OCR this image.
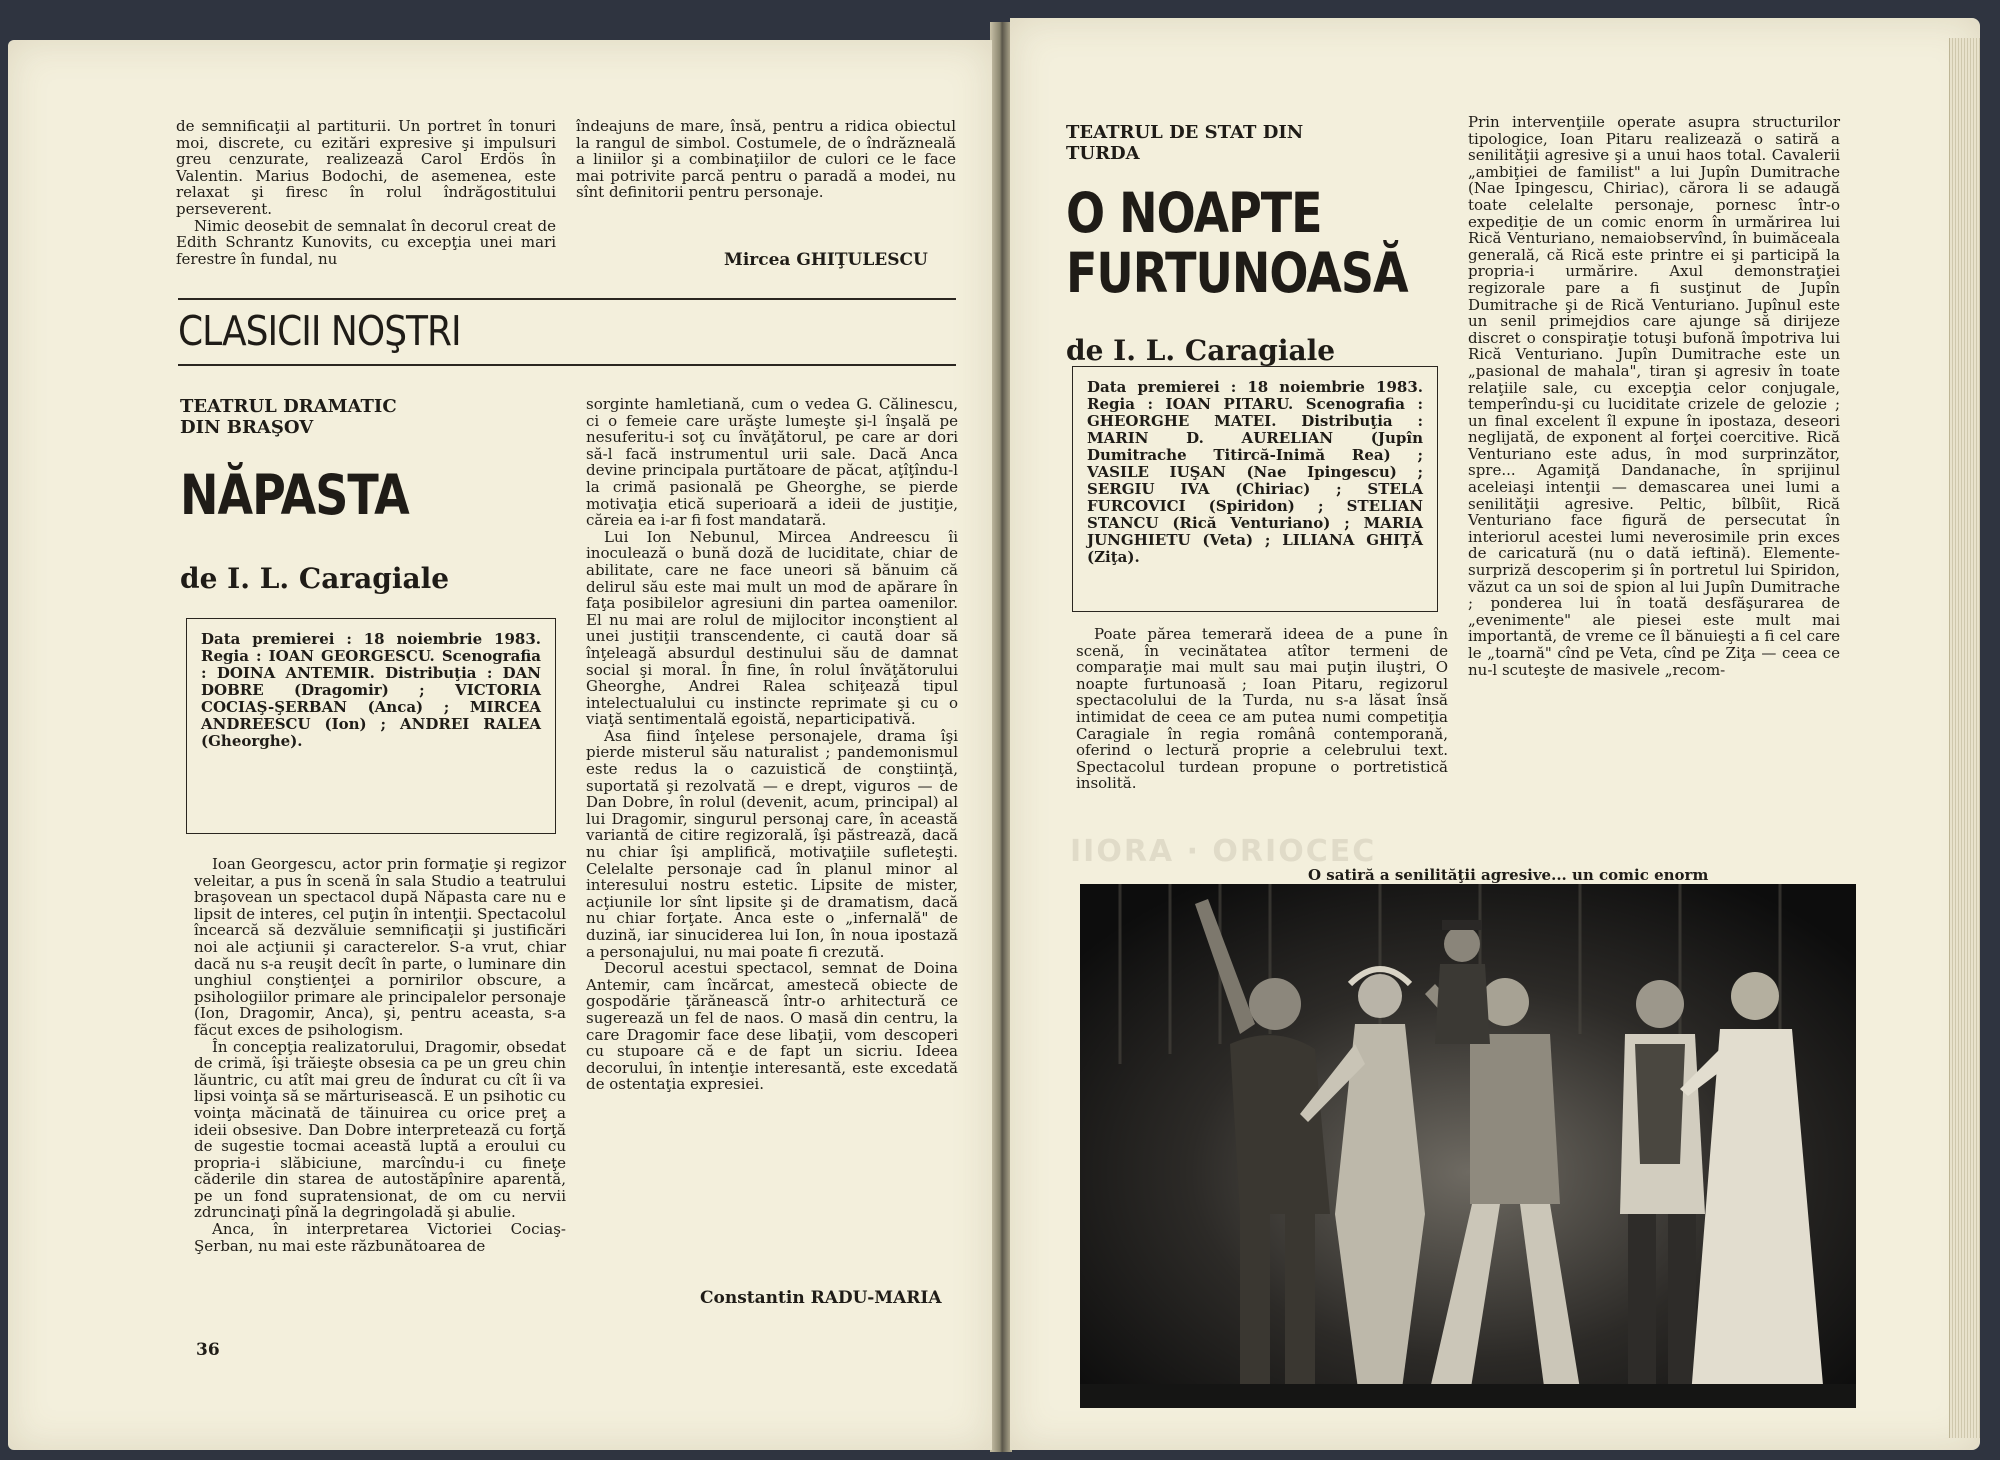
de semnificaţii al partiturii. Un portret în tonuri moi, discrete, cu ezitări expresive şi impulsuri greu cenzurate, realizează Carol Erdös în Valentin. Marius Bodochi, de asemenea, este relaxat şi firesc în rolul îndrăgostitului perseverent.

Nimic deosebit de semnalat în decorul creat de Edith Schrantz Kunovits, cu excepţia unei mari ferestre în fundal, nu

îndeajuns de mare, însă, pentru a ridica obiectul la rangul de simbol. Costumele, de o îndrăzneală a liniilor şi a combinaţiilor de culori ce le face mai potrivite parcă pentru o paradă a modei, nu sînt definitorii pentru personaje.

Mircea GHIŢULESCU
CLASICII NOŞTRI
TEATRUL DRAMATIC DIN BRAŞOV
NĂPASTA
de I. L. Caragiale
Data premierei : 18 noiembrie 1983. Regia : IOAN GEORGESCU. Scenografia : DOINA ANTEMIR. Distribuţia : DAN DOBRE (Dragomir) ; VICTORIA COCIAŞ-ŞERBAN (Anca) ; MIRCEA ANDREESCU (Ion) ; ANDREI RALEA (Gheorghe).

Ioan Georgescu, actor prin formaţie şi regizor veleitar, a pus în scenă în sala Studio a teatrului braşovean un spectacol după Năpasta care nu e lipsit de interes, cel puţin în intenţii. Spectacolul încearcă să dezvăluie semnificaţii şi justificări noi ale acţiunii şi caracterelor. S-a vrut, chiar dacă nu s-a reuşit decît în parte, o luminare din unghiul conştienţei a pornirilor obscure, a psihologiilor primare ale principalelor personaje (Ion, Dragomir, Anca), şi, pentru aceasta, s-a făcut exces de psihologism.

În concepţia realizatorului, Dragomir, obsedat de crimă, îşi trăieşte obsesia ca pe un greu chin lăuntric, cu atît mai greu de îndurat cu cît îi va lipsi voinţa să se mărturisească. E un psihotic cu voinţa măcinată de tăinuirea cu orice preţ a ideii obsesive. Dan Dobre interpretează cu forţă de sugestie tocmai această luptă a eroului cu propria-i slăbiciune, marcîndu-i cu fineţe căderile din starea de autostăpînire aparentă, pe un fond supratensionat, de om cu nervii zdruncinaţi pînă la degringoladă şi abulie.

Anca, în interpretarea Victoriei Cociaş-Şerban, nu mai este răzbunătoarea de

sorginte hamletiană, cum o vedea G. Călinescu, ci o femeie care urăşte lumeşte şi-l înşală pe nesuferitu-i soţ cu învăţătorul, pe care ar dori să-l facă instrumentul urii sale. Dacă Anca devine principala purtătoare de păcat, aţîţîndu-l la crimă pasională pe Gheorghe, se pierde motivaţia etică superioară a ideii de justiţie, căreia ea i-ar fi fost mandatară.

Lui Ion Nebunul, Mircea Andreescu îi inoculează o bună doză de luciditate, chiar de abilitate, care ne face uneori să bănuim că delirul său este mai mult un mod de apărare în faţa posibilelor agresiuni din partea oamenilor. El nu mai are rolul de mijlocitor inconştient al unei justiţii transcendente, ci caută doar să înţeleagă absurdul destinului său de damnat social şi moral. În fine, în rolul învăţătorului Gheorghe, Andrei Ralea schiţează tipul intelectualului cu instincte reprimate şi cu o viaţă sentimentală egoistă, neparticipativă.

Asa fiind înţelese personajele, drama îşi pierde misterul său naturalist ; pandemonismul este redus la o cazuistică de conştiinţă, suportată şi rezolvată — e drept, viguros — de Dan Dobre, în rolul (devenit, acum, principal) al lui Dragomir, singurul personaj care, în această variantă de citire regizorală, îşi păstrează, dacă nu chiar îşi amplifică, motivaţiile sufleteşti. Celelalte personaje cad în planul minor al interesului nostru estetic. Lipsite de mister, acţiunile lor sînt lipsite şi de dramatism, dacă nu chiar forţate. Anca este o „infernală" de duzină, iar sinuciderea lui Ion, în noua ipostază a personajului, nu mai poate fi crezută.

Decorul acestui spectacol, semnat de Doina Antemir, cam încărcat, amestecă obiecte de gospodărie ţărănească într-o arhitectură ce sugerează un fel de naos. O masă din centru, la care Dragomir face dese libaţii, vom descoperi cu stupoare că e de fapt un sicriu. Ideea decorului, în intenţie interesantă, este excedată de ostentaţia expresiei.

Constantin RADU-MARIA
36
TEATRUL DE STAT DIN TURDA
O NOAPTE
FURTUNOASĂ
de I. L. Caragiale
Data premierei : 18 noiembrie 1983. Regia : IOAN PITARU. Scenografia : GHEORGHE MATEI. Distribuţia : MARIN D. AURELIAN (Jupîn Dumitrache Titircă-Inimă Rea) ; VASILE IUŞAN (Nae Ipingescu) ; SERGIU IVA (Chiriac) ; STELA FURCOVICI (Spiridon) ; STELIAN STANCU (Rică Venturiano) ; MARIA JUNGHIETU (Veta) ; LILIANA GHIŢĂ (Ziţa).

Poate părea temerară ideea de a pune în scenă, în vecinătatea atîtor termeni de comparaţie mai mult sau mai puţin iluştri, O noapte furtunoasă ; Ioan Pitaru, regizorul spectacolului de la Turda, nu s-a lăsat însă intimidat de ceea ce am putea numi competiţia Caragiale în regia românâ contemporană, oferind o lectură proprie a celebrului text. Spectacolul turdean propune o portretistică insolită.

Prin intervenţiile operate asupra structurilor tipologice, Ioan Pitaru realizează o satiră a senilităţii agresive şi a unui haos total. Cavalerii „ambiţiei de familist" a lui Jupîn Dumitrache (Nae Ipingescu, Chiriac), cărora li se adaugă toate celelalte personaje, pornesc într-o expediţie de un comic enorm în urmărirea lui Rică Venturiano, nemaiobservînd, în buimăceala generală, că Rică este printre ei şi participă la propria-i urmărire. Axul demonstraţiei regizorale pare a fi susţinut de Jupîn Dumitrache şi de Rică Venturiano. Jupînul este un senil primejdios care ajunge să dirijeze discret o conspiraţie totuşi bufonă împotriva lui Rică Venturiano. Jupîn Dumitrache este un „pasional de mahala", tiran şi agresiv în toate relaţiile sale, cu excepţia celor conjugale, temperîndu-şi cu luciditate crizele de gelozie ; un final excelent îl expune în ipostaza, deseori neglijată, de exponent al forţei coercitive. Rică Venturiano este adus, în mod surprinzător, spre... Agamiţă Dandanache, în sprijinul aceleiaşi intenţii — demascarea unei lumi a senilităţii agresive. Peltic, bîlbîit, Rică Venturiano face figură de persecutat în interiorul acestei lumi neverosimile prin exces de caricatură (nu o dată ieftină). Elemente-surpriză descoperim şi în portretul lui Spiridon, văzut ca un soi de spion al lui Jupîn Dumitrache ; ponderea lui în toată desfăşurarea de „evenimente" ale piesei este mult mai importantă, de vreme ce îl bănuieşti a fi cel care le „toarnă" cînd pe Veta, cînd pe Ziţa — ceea ce nu-l scuteşte de masivele „recom-

IIORA · ORIOCEC
O satiră a senilităţii agresive... un comic enorm
